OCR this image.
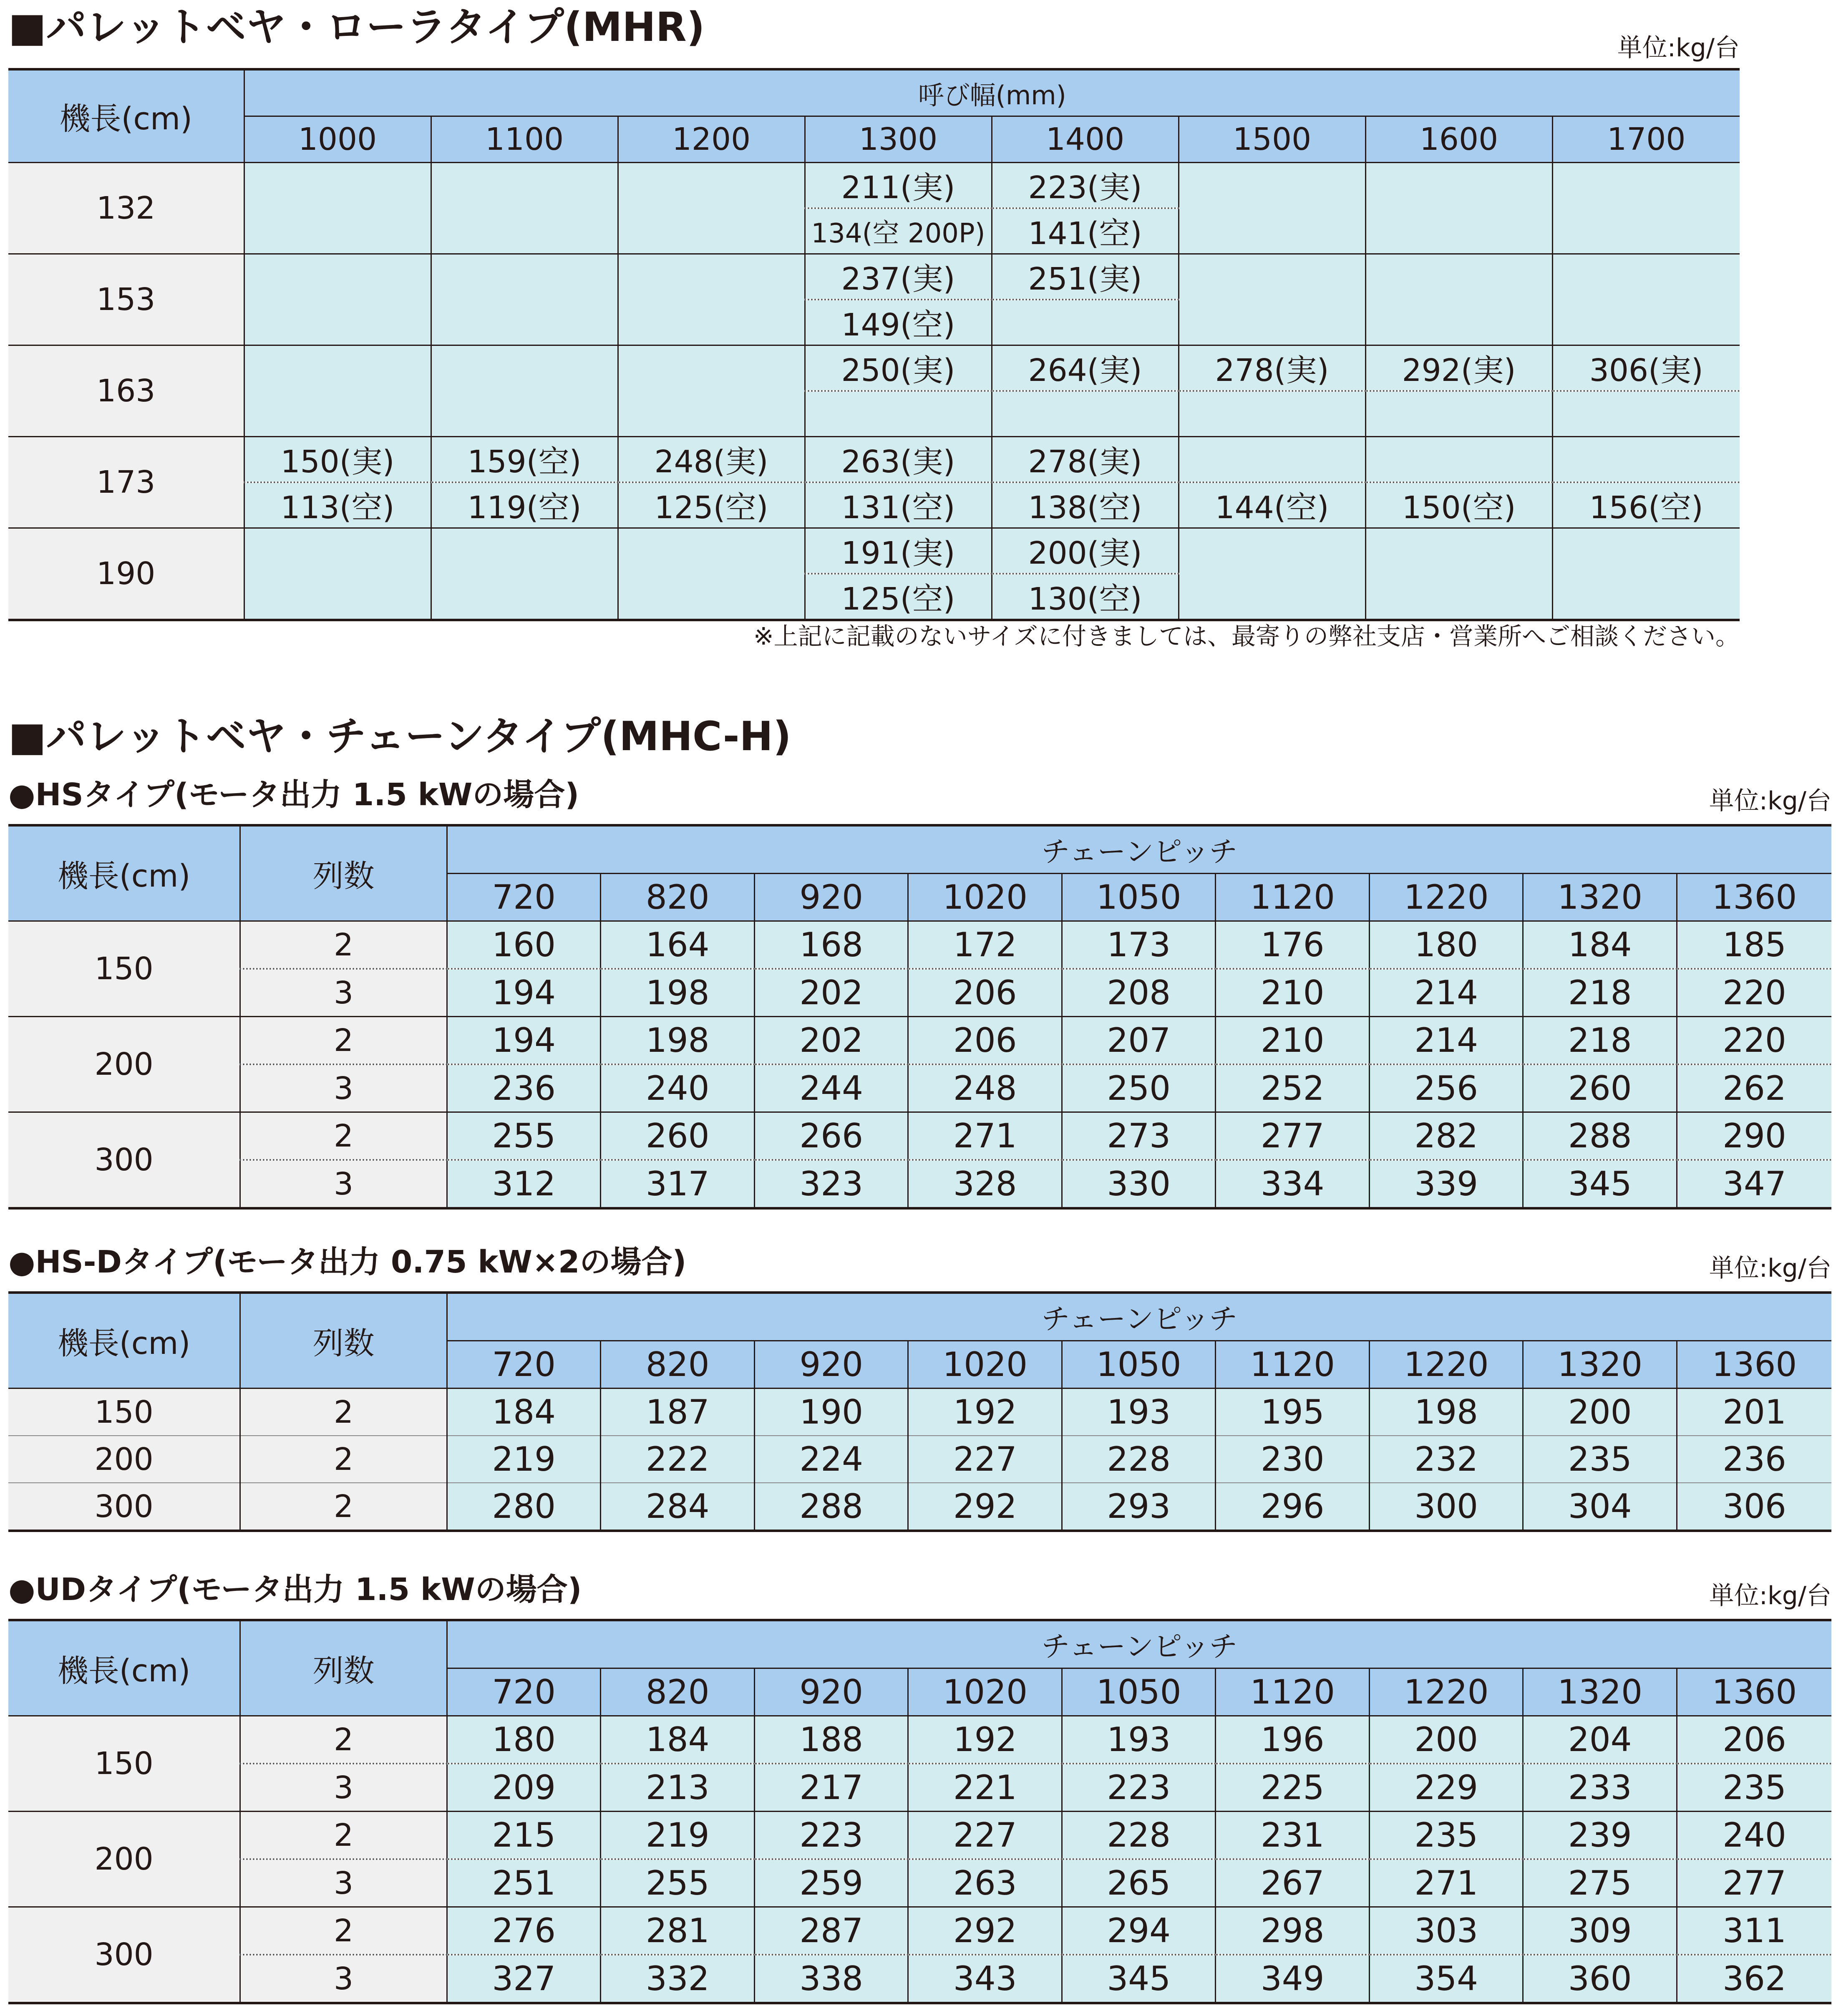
■パレットベヤ・ローラタイプ(MHR)	単位:kg/台
機長(cm)	呼び幅(mm)							
	1000	1100	1200	1300	1400	1500	1600	1700
132				211(実)	223(実)			
				134(空 200P)	141(空)			
153				237(実)	251(実)			
				149(空)				
163				250(実)	264(実)	278(実)	292(実)	306(実)

173	150(実)	159(空)	248(実)	263(実)	278(実)			
	113(空)	119(空)	125(空)	131(空)	138(空)	144(空)	150(空)	156(空)
190				191(実)	200(実)			
				125(空)	130(空)			
※上記に記載のないサイズに付きましては、最寄りの弊社支店・営業所へご相談ください。
■パレットベヤ・チェーンタイプ(MHC-H)
●HSタイプ(モータ出力 1.5 kWの場合)	単位:kg/台
機長(cm)	列数	チェーンピッチ								
		720	820	920	1020	1050	1120	1220	1320	1360
150	2	160	164	168	172	173	176	180	184	185
	3	194	198	202	206	208	210	214	218	220
200	2	194	198	202	206	207	210	214	218	220
	3	236	240	244	248	250	252	256	260	262
300	2	255	260	266	271	273	277	282	288	290
	3	312	317	323	328	330	334	339	345	347
●HS-Dタイプ(モータ出力 0.75 kW×2の場合)	単位:kg/台
機長(cm)	列数	チェーンピッチ								
		720	820	920	1020	1050	1120	1220	1320	1360
150	2	184	187	190	192	193	195	198	200	201
200	2	219	222	224	227	228	230	232	235	236
300	2	280	284	288	292	293	296	300	304	306
●UDタイプ(モータ出力 1.5 kWの場合)	単位:kg/台
機長(cm)	列数	チェーンピッチ								
		720	820	920	1020	1050	1120	1220	1320	1360
150	2	180	184	188	192	193	196	200	204	206
	3	209	213	217	221	223	225	229	233	235
200	2	215	219	223	227	228	231	235	239	240
	3	251	255	259	263	265	267	271	275	277
300	2	276	281	287	292	294	298	303	309	311
	3	327	332	338	343	345	349	354	360	362
